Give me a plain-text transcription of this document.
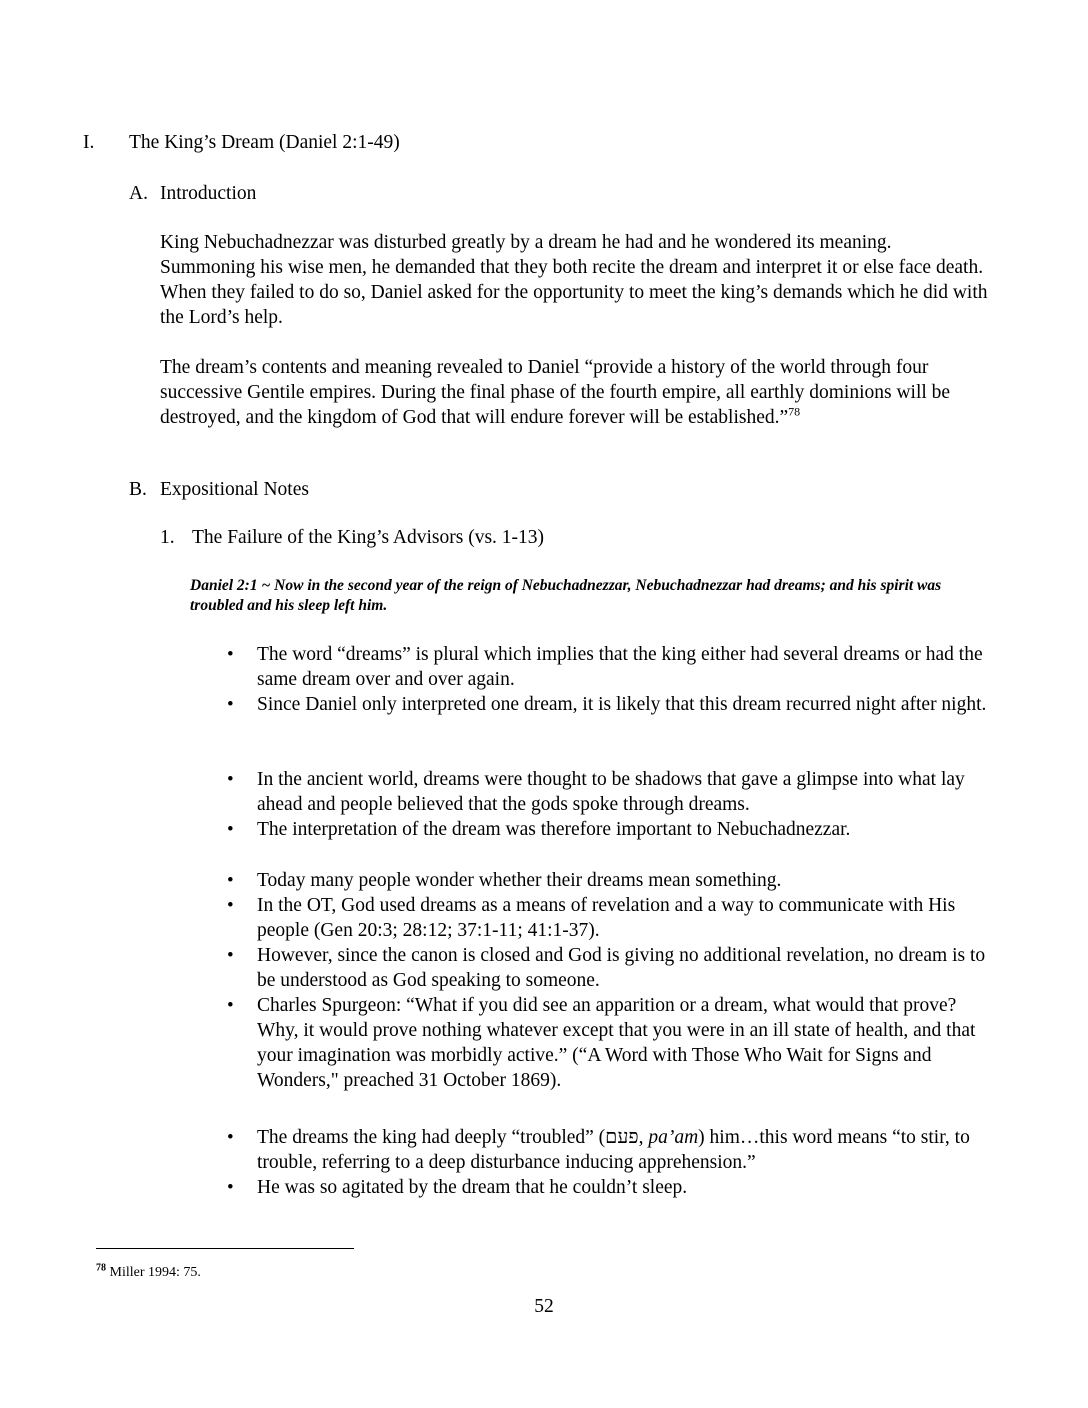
I. The King’s Dream (Daniel 2:1-49)
A. Introduction
King Nebuchadnezzar was disturbed greatly by a dream he had and he wondered its meaning. Summoning his wise men, he demanded that they both recite the dream and interpret it or else face death. When they failed to do so, Daniel asked for the opportunity to meet the king’s demands which he did with the Lord’s help.
The dream’s contents and meaning revealed to Daniel “provide a history of the world through four successive Gentile empires. During the final phase of the fourth empire, all earthly dominions will be destroyed, and the kingdom of God that will endure forever will be established.”$^{78}$
B. Expositional Notes
1. The Failure of the King’s Advisors (vs. 1-13)
Daniel 2:1 ~ Now in the second year of the reign of Nebuchadnezzar, Nebuchadnezzar had dreams; and his spirit was troubled and his sleep left him.
• The word “dreams” is plural which implies that the king either had several dreams or had the same dream over and over again.
• Since Daniel only interpreted one dream, it is likely that this dream recurred night after night.
• In the ancient world, dreams were thought to be shadows that gave a glimpse into what lay ahead and people believed that the gods spoke through dreams.
• The interpretation of the dream was therefore important to Nebuchadnezzar.
• Today many people wonder whether their dreams mean something.
• In the OT, God used dreams as a means of revelation and a way to communicate with His people (Gen 20:3; 28:12; 37:1-11; 41:1-37).
• However, since the canon is closed and God is giving no additional revelation, no dream is to be understood as God speaking to someone.
• Charles Spurgeon: “What if you did see an apparition or a dream, what would that prove? Why, it would prove nothing whatever except that you were in an ill state of health, and that your imagination was morbidly active.” (“A Word with Those Who Wait for Signs and Wonders," preached 31 October 1869).
• The dreams the king had deeply “troubled” (פעם, pa’am) him…this word means “to stir, to trouble, referring to a deep disturbance inducing apprehension.”
• He was so agitated by the dream that he couldn’t sleep.
$^{78}$ Miller 1994: 75.
52
